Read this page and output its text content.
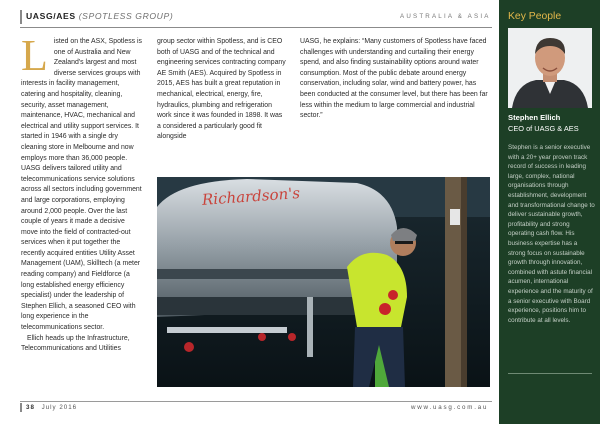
UASG/AES (SPOTLESS GROUP)	AUSTRALIA & ASIA
L isted on the ASX, Spotless is one of Australia and New Zealand's largest and most diverse services groups with interests in facility management, catering and hospitality, cleaning, security, asset management, maintenance, HVAC, mechanical and electrical and utility support services. It started in 1946 with a single dry cleaning store in Melbourne and now employs more than 36,000 people. UASG delivers tailored utility and telecommunications service solutions across all sectors including government and large corporations, employing around 2,000 people. Over the last couple of years it made a decisive move into the field of contracted-out services when it put together the recently acquired entities Utility Asset Management (UAM), Skilltech (a meter reading company) and Fieldforce (a long established energy efficiency specialist) under the leadership of Stephen Ellich, a seasoned CEO with long experience in the telecommunications sector.

Ellich heads up the Infrastructure, Telecommunications and Utilities

group sector within Spotless, and is CEO both of UASG and of the technical and engineering services contracting company AE Smith (AES). Acquired by Spotless in 2015, AES has built a great reputation in mechanical, electrical, energy, fire, hydraulics, plumbing and refrigeration work since it was founded in 1898. It was a considered a particularly good fit alongside

UASG, he explains: “Many customers of Spotless have faced challenges with understanding and curtailing their energy spend, and also finding sustainability options around water consumption. Most of the public debate around energy conservation, including solar, wind and battery power, has been conducted at the consumer level, but there has been far less within the medium to large commercial and industrial sector.”

Richardson's
Key People
Stephen Ellich
CEO of UASG & AES
Stephen is a senior executive with a 20+ year proven track record of success in leading large, complex, national organisations through establishment, development and transformational change to deliver sustainable growth, profitability and strong operating cash flow. His business expertise has a strong focus on sustainable growth through innovation, combined with astute financial acumen, international experience and the maturity of a senior executive with Board experience, positions him to contribute at all levels.
38 July 2016	www.uasg.com.au
